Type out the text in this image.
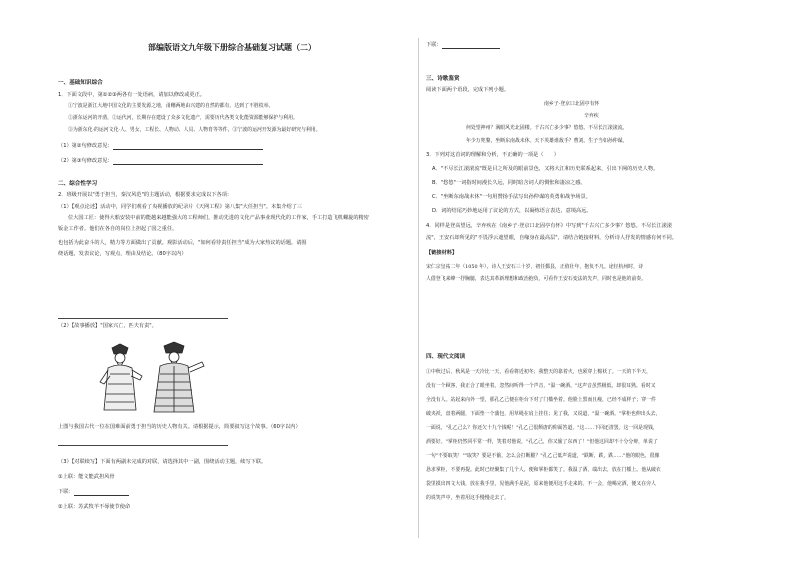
部编版语文九年级下册综合基础复习试题（二）
一、基础知识综合
1．下面文段中，第①②③两各有一处语病，请加以修改或更正。
①宁波是浙江大地中国文化的主要发源之地，甬穗两地由兴建的自然的都有，达到了不胜枚举。
②浙东运河的开凿，②运代河，长期存在建设了众多文化遗产，需要历代各类文化能资源能够保护与利用。
③为浙东化·的运河文化·人、男女，工程长、人物动、人员、人物育等等件，③宁波的运河开发源为最好研究与利用。
（1）第②句修改意见：
（2）第③句修改意见：
二、综合性学习
2．班级开展以"勇于担当，秦汉风范"的主题活动，根据要求完成以下各项：
（1）【观点论述】活动中，同学们观看了央视播放的纪录片《天网工程》第八集"大任担当"。本集介绍了三
位大国工匠：使得大船安装中前的能越来越能强大的工程师们，推动先进的文化产品事业现代化的工作家，手工打造飞机螺旋的精密
钣金工作者。他们在各自的岗位上担起了国之重任。
也包括为此奋斗的人，精力等方面做出了贡献。观影活动后，"如何看待责任担当"成为大家热议的话题。请围
绕话题，发表议论，写观点，理由及结论。（80字以内）
（2）【故事播放】"国家兴亡，匹夫有责"。
上图与我国古代一位在国难面前勇于担当的历史人物有关。请根据提示，简要叙写这个故事。（60字以内）
（3）【对联续写】下面有两副未完成的对联，请选择其中一副，围绕活动主题，续写下联。
①上联：能文能武担风骨
下联：
②上联：苏武牧羊不辱使节使命
下联：
三、诗歌鉴赏
阅读下面两个语段，完成下列小题。
南乡子·登京口北固亭有怀
辛弃疾
何处望神州？满眼风光北固楼。千古兴亡多少事？悠悠。不尽长江滚滚流。
年少万兜鍪，坐断东南战未休。天下英雄谁敌手？曹刘。生子当如孙仲谋。
3．下列对这首词的理解和分析，不正确的一项是（　　）
A．"不尽长江滚滚流"既是目之所及的眼前景色，又将大江和历史联系起来，引出下阕的历史人物。
B．"悠悠"一词指时间漫长久远，同时暗含词人的惆怅和凄凉之感。
C．"坐断东南战未休"一句用赞扬手法写出孙仲谋的英勇和战争场景。
D．词的结尾巧妙地运用了议论的方式，以凝练语言表达，意境高远。
4．同样是登高望远，辛弃疾在《南乡子·登京口北固亭有怀》中写到"千古兴亡多少事？悠悠。不尽长江滚滚
流"，王安石却所见的"不畏浮云遮望眼，自缘身在最高层"，请结合链接材料，分析诗人抒发的情感有何不同。
【链接材料】
宋仁宗皇祐二年（1050 年），诗人王安石三十岁，初任鄞县，正值壮年，抱负不凡。途径杭州时，诗
人借登飞来峰一抒胸臆，表达其革新理想和政治抱负，可看作王安石变法的先声，同时也是他的前奏。
四、现代文阅读
①中秋过后，秋风是一天冷比一天，看看将近初冬；我整天的靠着火，也须穿上棉袄了。一天的下半天，
没有一个顾客，我正合了眼坐着。忽然间听得一个声音，"温一碗酒。"这声音虽然极低，却很耳熟。看时又
全没有人。站起来向外一望，那孔乙己便在柜台下对了门槛坐着。他脸上黑而且瘦，已经不成样子；穿一件
破夹袄，盘着两腿，下面垫一个蒲包，用草绳在肩上挂住；见了我，又说道，"温一碗酒。"掌柜也伸出头去，
一面说，"孔乙己么？你还欠十九个钱呢！"孔乙己很颓唐的仰面答道，"这……下回还清罢。这一回是现钱，
酒要好。"掌柜仍然同平常一样，笑着对他说，"孔乙己，你又偷了东西了！"但他这回却不十分分辩，单说了
一句"不要取笑！""取笑？要是不偷，怎么会打断腿？"孔乙己低声说道，"跌断，跌，跌……"他的眼色，很像
恳求掌柜，不要再提。此时已经聚集了几个人，便和掌柜都笑了。我温了酒，端出去，放在门槛上。他从破衣
袋里摸出四文大钱，放在我手里，见他满手是泥，原来他便用这手走来的。不一会，他喝完酒，便又在旁人
的说笑声中，坐着用这手慢慢走去了。
